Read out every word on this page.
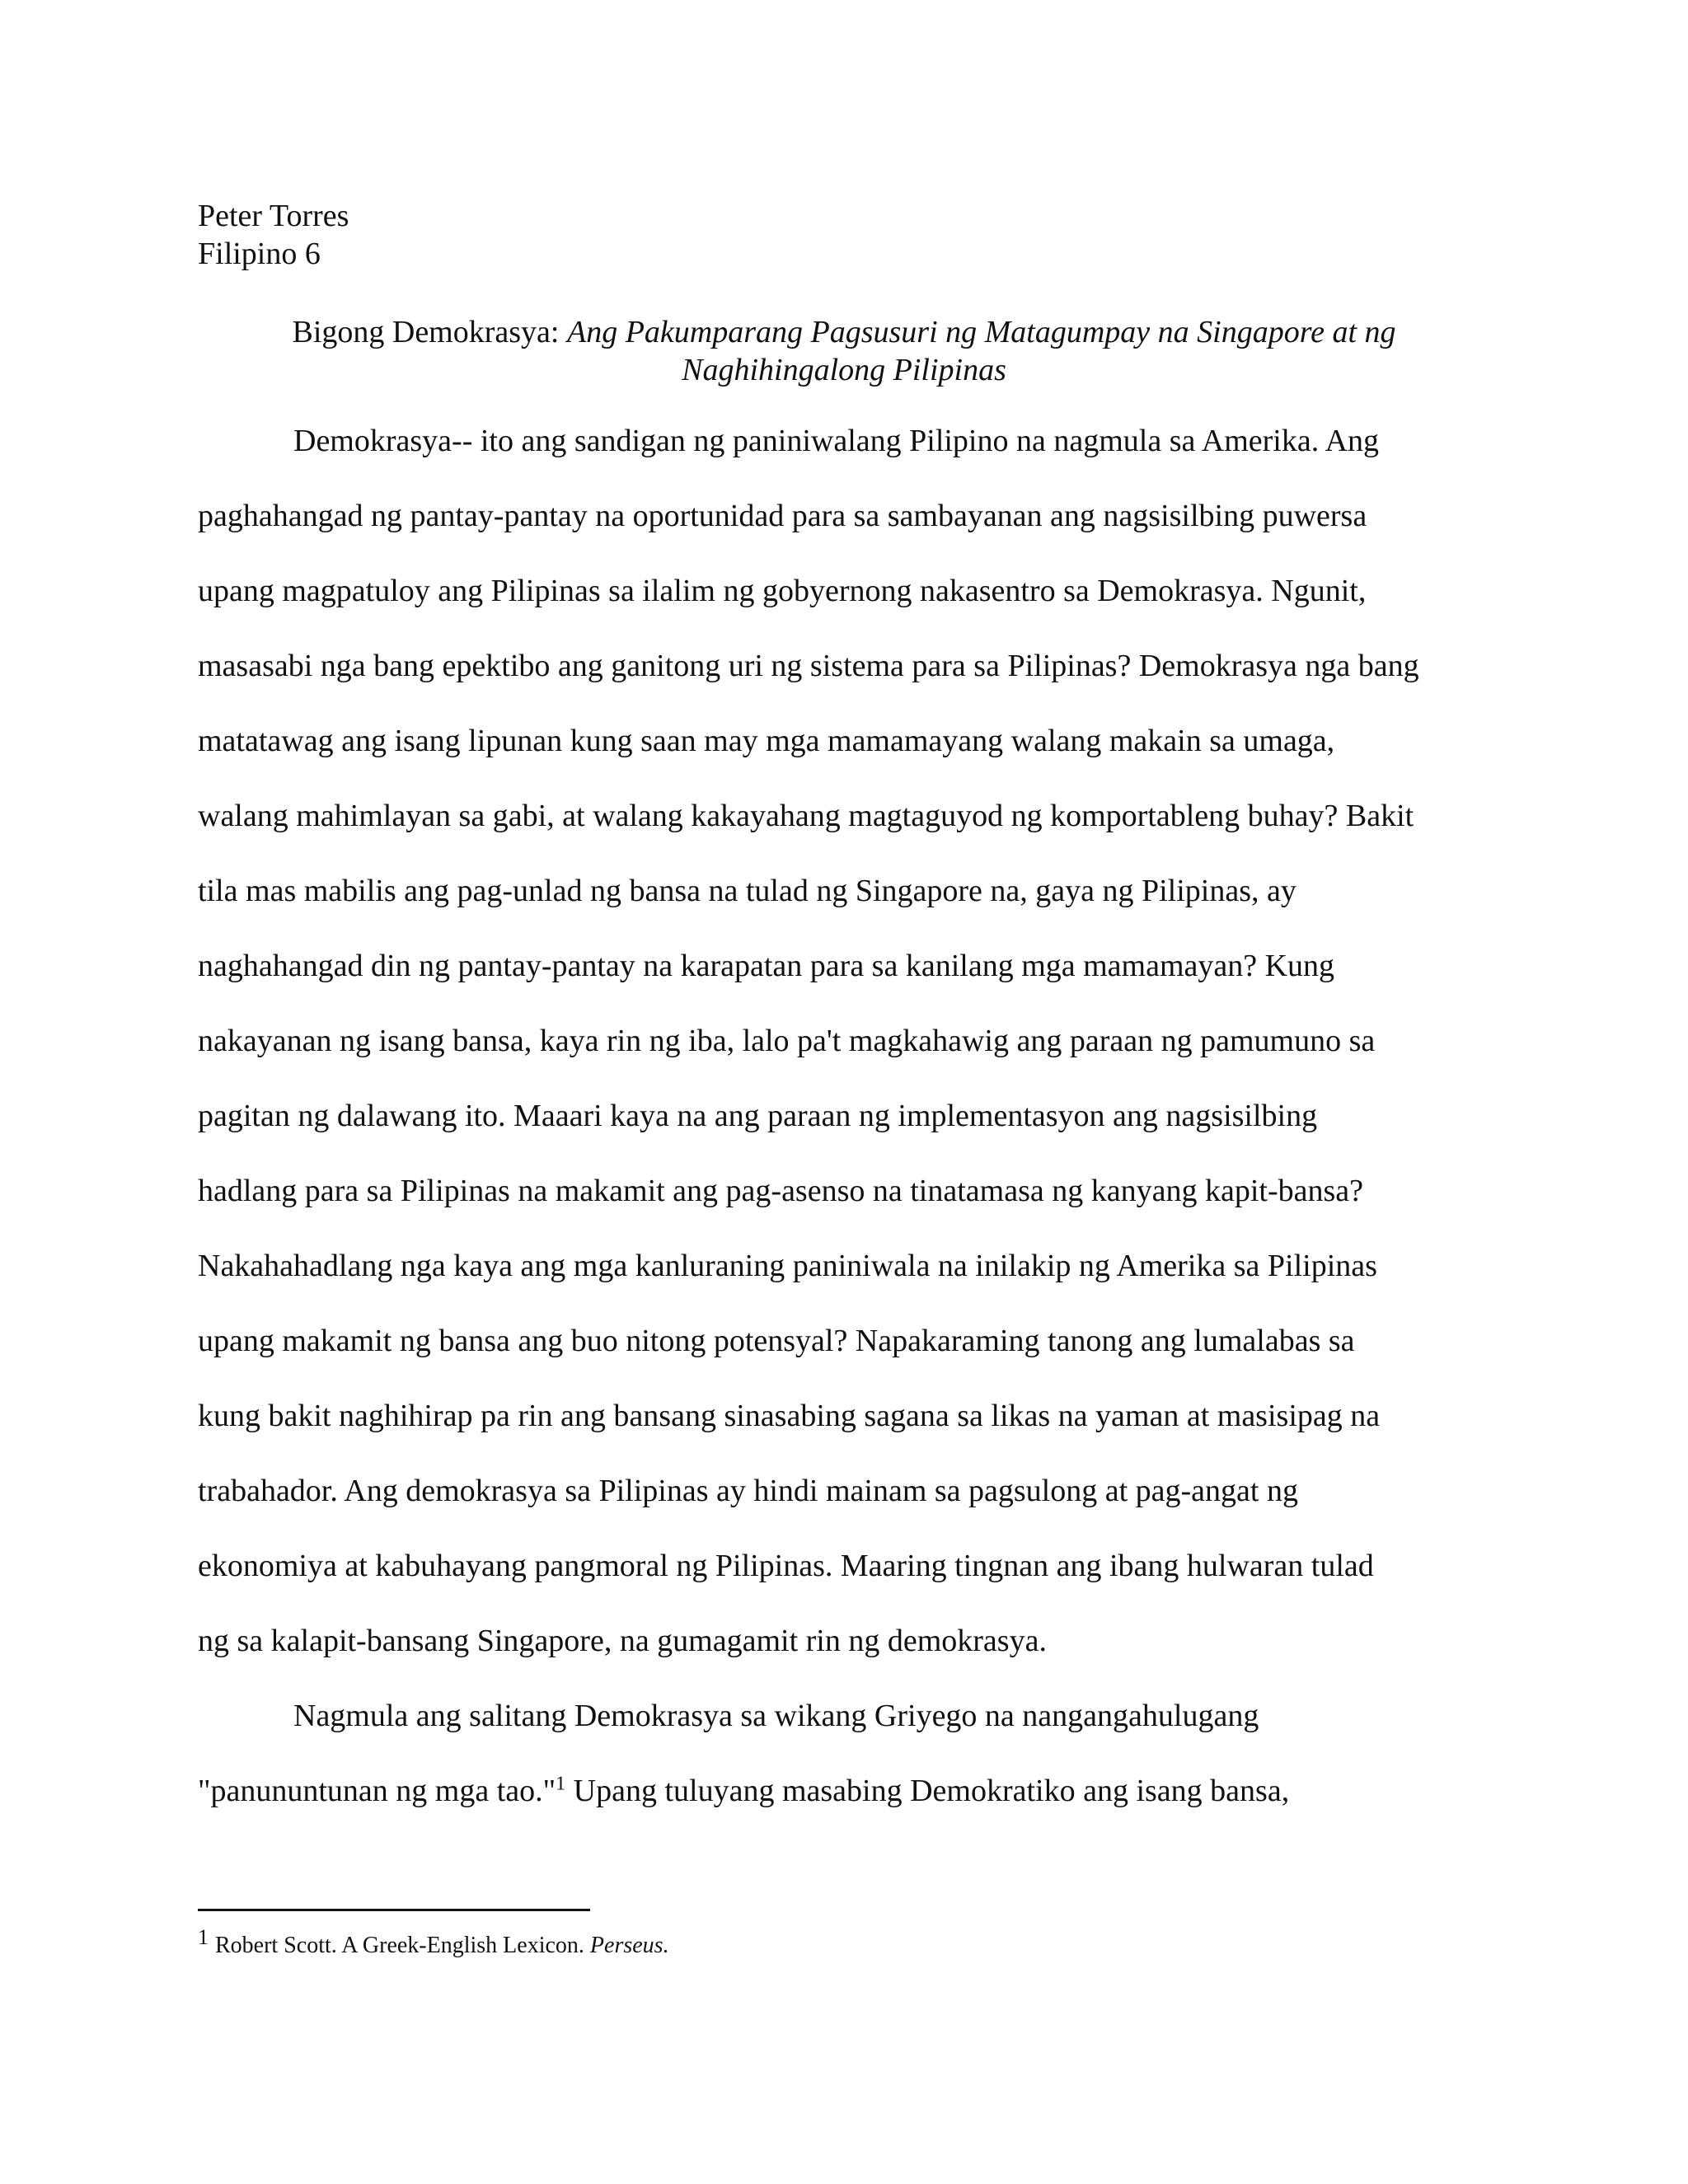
Peter Torres
Filipino 6
Bigong Demokrasya: Ang Pakumparang Pagsusuri ng Matagumpay na Singapore at ng
Naghihingalong Pilipinas
Demokrasya-- ito ang sandigan ng paniniwalang Pilipino na nagmula sa Amerika. Ang
paghahangad ng pantay-pantay na oportunidad para sa sambayanan ang nagsisilbing puwersa
upang magpatuloy ang Pilipinas sa ilalim ng gobyernong nakasentro sa Demokrasya. Ngunit,
masasabi nga bang epektibo ang ganitong uri ng sistema para sa Pilipinas? Demokrasya nga bang
matatawag ang isang lipunan kung saan may mga mamamayang walang makain sa umaga,
walang mahimlayan sa gabi, at walang kakayahang magtaguyod ng komportableng buhay? Bakit
tila mas mabilis ang pag-unlad ng bansa na tulad ng Singapore na, gaya ng Pilipinas, ay
naghahangad din ng pantay-pantay na karapatan para sa kanilang mga mamamayan? Kung
nakayanan ng isang bansa, kaya rin ng iba, lalo pa't magkahawig ang paraan ng pamumuno sa
pagitan ng dalawang ito. Maaari kaya na ang paraan ng implementasyon ang nagsisilbing
hadlang para sa Pilipinas na makamit ang pag-asenso na tinatamasa ng kanyang kapit-bansa?
Nakahahadlang nga kaya ang mga kanluraning paniniwala na inilakip ng Amerika sa Pilipinas
upang makamit ng bansa ang buo nitong potensyal? Napakaraming tanong ang lumalabas sa
kung bakit naghihirap pa rin ang bansang sinasabing sagana sa likas na yaman at masisipag na
trabahador. Ang demokrasya sa Pilipinas ay hindi mainam sa pagsulong at pag-angat ng
ekonomiya at kabuhayang pangmoral ng Pilipinas. Maaring tingnan ang ibang hulwaran tulad
ng sa kalapit-bansang Singapore, na gumagamit rin ng demokrasya.
Nagmula ang salitang Demokrasya sa wikang Griyego na nangangahulugang
"panununtunan ng mga tao."$^1$ Upang tuluyang masabing Demokratiko ang isang bansa,
1 Robert Scott. A Greek-English Lexicon. Perseus.
